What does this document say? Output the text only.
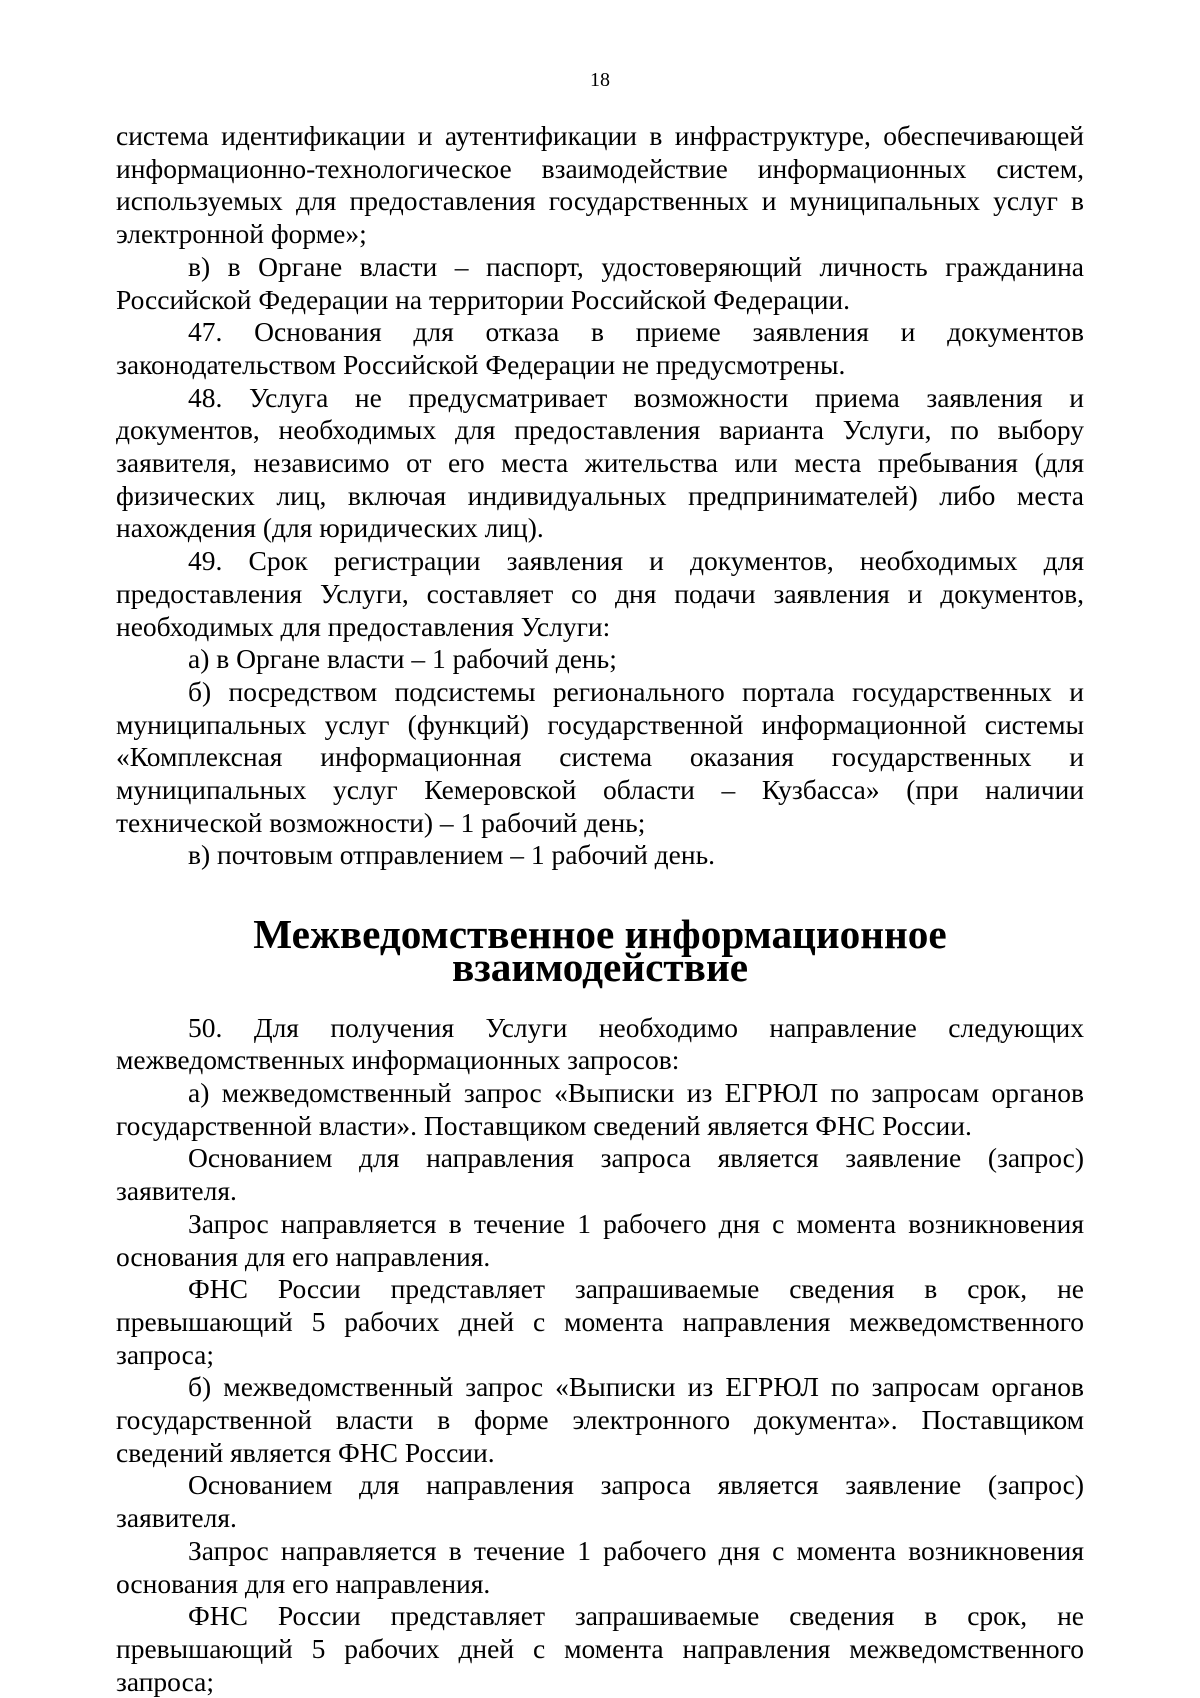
18

система идентификации и аутентификации в инфраструктуре, обеспечивающей информационно-технологическое взаимодействие информационных систем, используемых для предоставления государственных и муниципальных услуг в электронной форме»;

в) в Органе власти – паспорт, удостоверяющий личность гражданина Российской Федерации на территории Российской Федерации.

47. Основания для отказа в приеме заявления и документов законодательством Российской Федерации не предусмотрены.

48. Услуга не предусматривает возможности приема заявления и документов, необходимых для предоставления варианта Услуги, по выбору заявителя, независимо от его места жительства или места пребывания (для физических лиц, включая индивидуальных предпринимателей) либо места нахождения (для юридических лиц).

49. Срок регистрации заявления и документов, необходимых для предоставления Услуги, составляет со дня подачи заявления и документов, необходимых для предоставления Услуги:

а) в Органе власти – 1 рабочий день;

б) посредством подсистемы регионального портала государственных и муниципальных услуг (функций) государственной информационной системы «Комплексная информационная система оказания государственных и муниципальных услуг Кемеровской области – Кузбасса» (при наличии технической возможности) – 1 рабочий день;

в) почтовым отправлением – 1 рабочий день.

Межведомственное информационное взаимодействие

50. Для получения Услуги необходимо направление следующих межведомственных информационных запросов:

а) межведомственный запрос «Выписки из ЕГРЮЛ по запросам органов государственной власти». Поставщиком сведений является ФНС России.

Основанием для направления запроса является заявление (запрос) заявителя.

Запрос направляется в течение 1 рабочего дня с момента возникновения основания для его направления.

ФНС России представляет запрашиваемые сведения в срок, не превышающий 5 рабочих дней с момента направления межведомственного запроса;

б) межведомственный запрос «Выписки из ЕГРЮЛ по запросам органов государственной власти в форме электронного документа». Поставщиком сведений является ФНС России.

Основанием для направления запроса является заявление (запрос) заявителя.

Запрос направляется в течение 1 рабочего дня с момента возникновения основания для его направления.

ФНС России представляет запрашиваемые сведения в срок, не превышающий 5 рабочих дней с момента направления межведомственного запроса;
